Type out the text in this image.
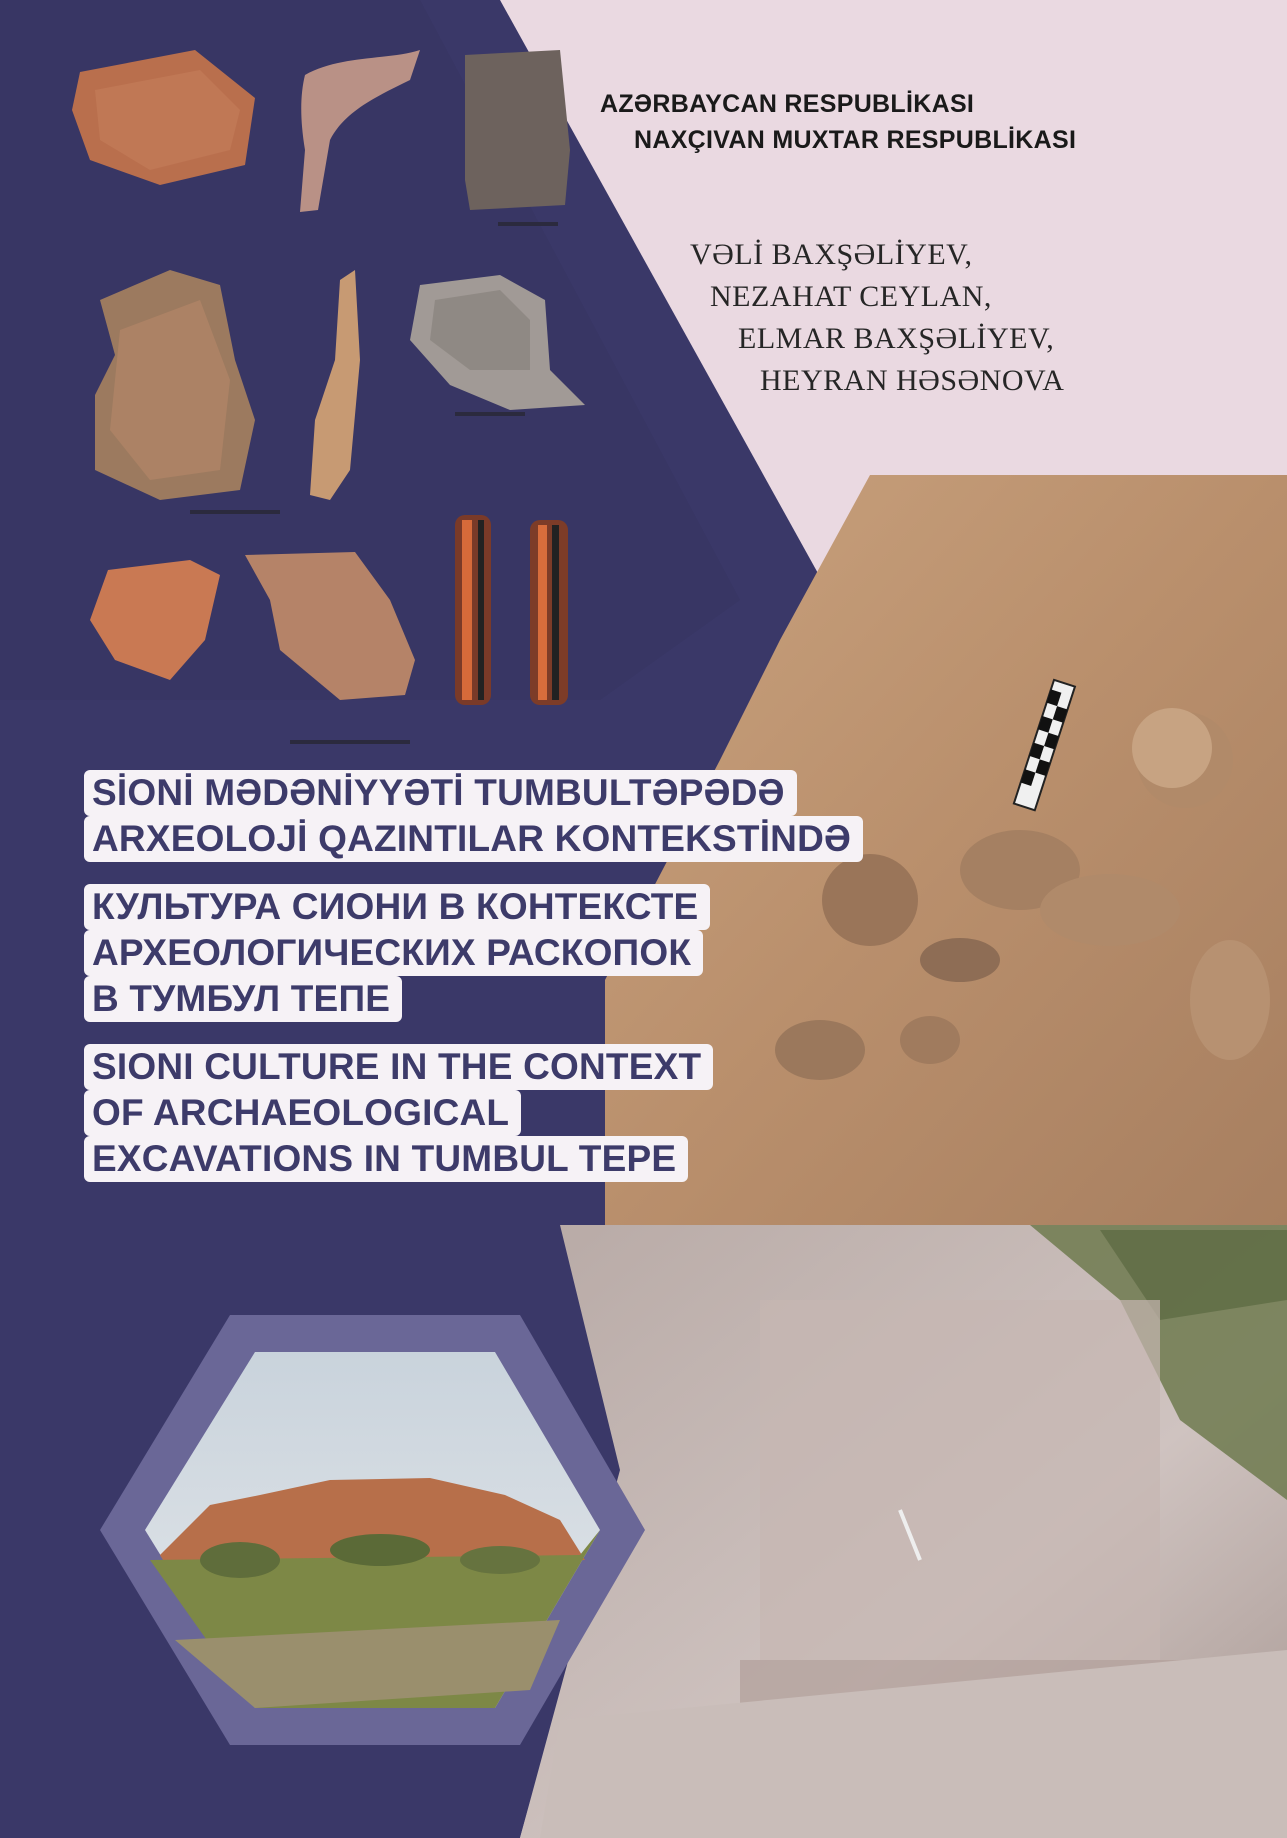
AZƏRBAYCAN RESPUBLİKASI
NAXÇIVAN MUXTAR RESPUBLİKASI
VƏLİ BAXŞƏLİYEV,
NEZAHAT CEYLAN,
ELMAR BAXŞƏLİYEV,
HEYRAN HƏSƏNOVA
SİONİ MƏDƏNİYYƏTİ TUMBULTƏPƏDƏ
ARXEOLOJİ QAZINTILAR KONTEKSTİNDƏ
КУЛЬТУРА СИОНИ В КОНТЕКСТЕ
АРХЕОЛОГИЧЕСКИХ РАСКОПОК
В ТУМБУЛ ТЕПЕ
SIONI CULTURE IN THE CONTEXT
OF ARCHAEOLOGICAL
EXCAVATIONS IN TUMBUL TEPE
